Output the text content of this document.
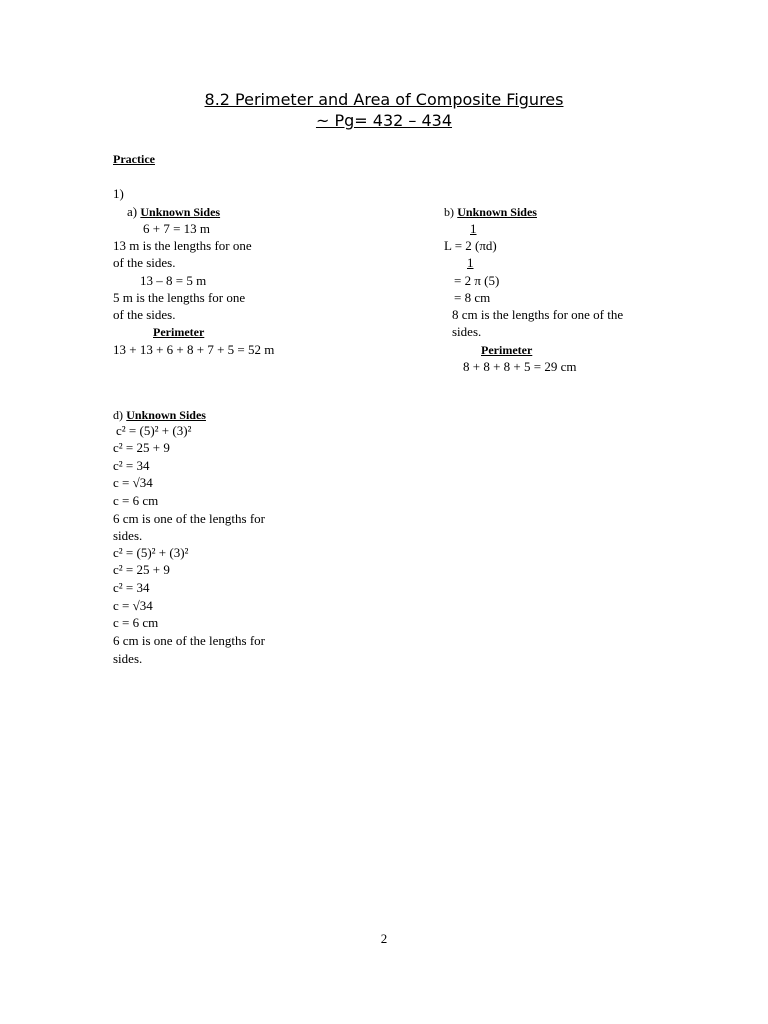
8.2 Perimeter and Area of Composite Figures
~ Pg= 432 – 434
Practice
1)
a) Unknown Sides
6 + 7 = 13 m
13 m is the lengths for one
of the sides.
13 – 8 = 5 m
5 m is the lengths for one
of the sides.
Perimeter
13 + 13 + 6 + 8 + 7 + 5 = 52 m
b) Unknown Sides
1
L = 2 (πd)
1
= 2 π (5)
= 8 cm
8 cm is the lengths for one of the
sides.
Perimeter
8 + 8 + 8 + 5 = 29 cm
d) Unknown Sides
c² = (5)² + (3)²
c² = 25 + 9
c² = 34
c = √34
c = 6 cm
6 cm is one of the lengths for
sides.
c² = (5)² + (3)²
c² = 25 + 9
c² = 34
c = √34
c = 6 cm
6 cm is one of the lengths for
sides.
2
